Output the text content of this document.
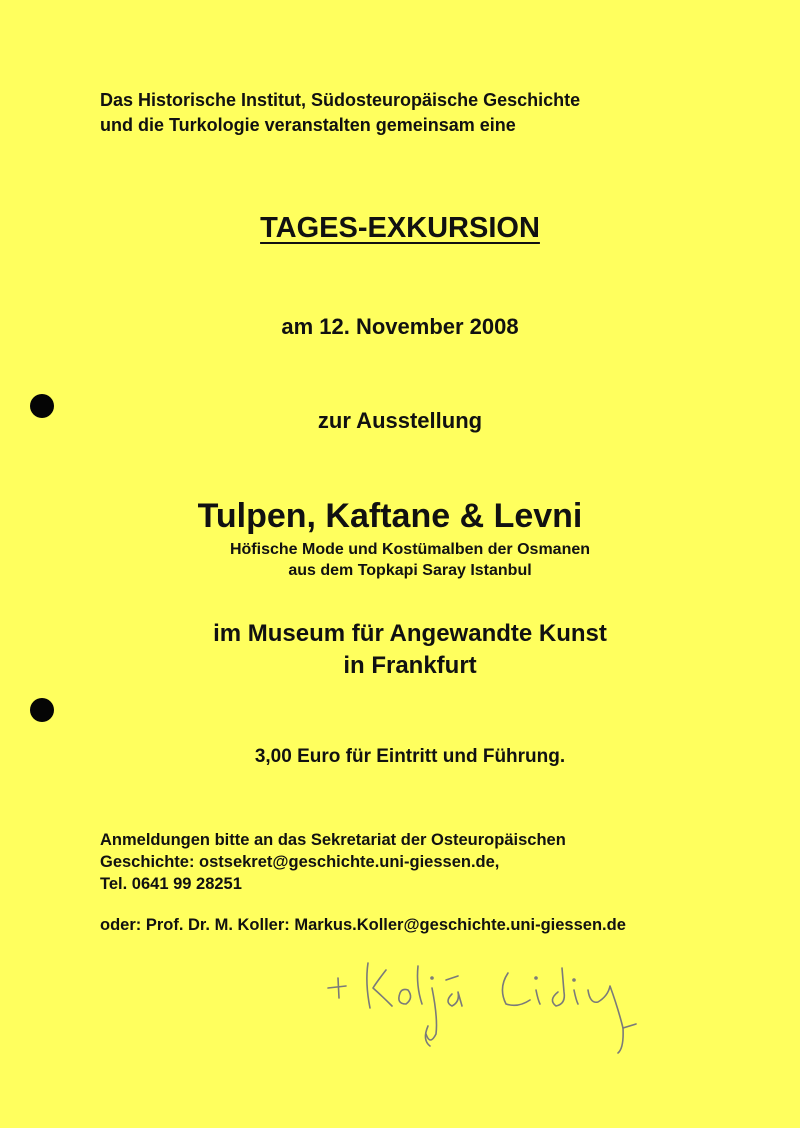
Das Historische Institut, Südosteuropäische Geschichte
und die Turkologie veranstalten gemeinsam eine
TAGES-EXKURSION
am 12. November 2008
zur Ausstellung
Tulpen, Kaftane & Levni
Höfische Mode und Kostümalben der Osmanen
aus dem Topkapi Saray Istanbul
im Museum für Angewandte Kunst
in Frankfurt
3,00 Euro für Eintritt und Führung.
Anmeldungen bitte an das Sekretariat der Osteuropäischen
Geschichte: ostsekret@geschichte.uni-giessen.de,
Tel. 0641 99 28251
oder: Prof. Dr. M. Koller: Markus.Koller@geschichte.uni-giessen.de
